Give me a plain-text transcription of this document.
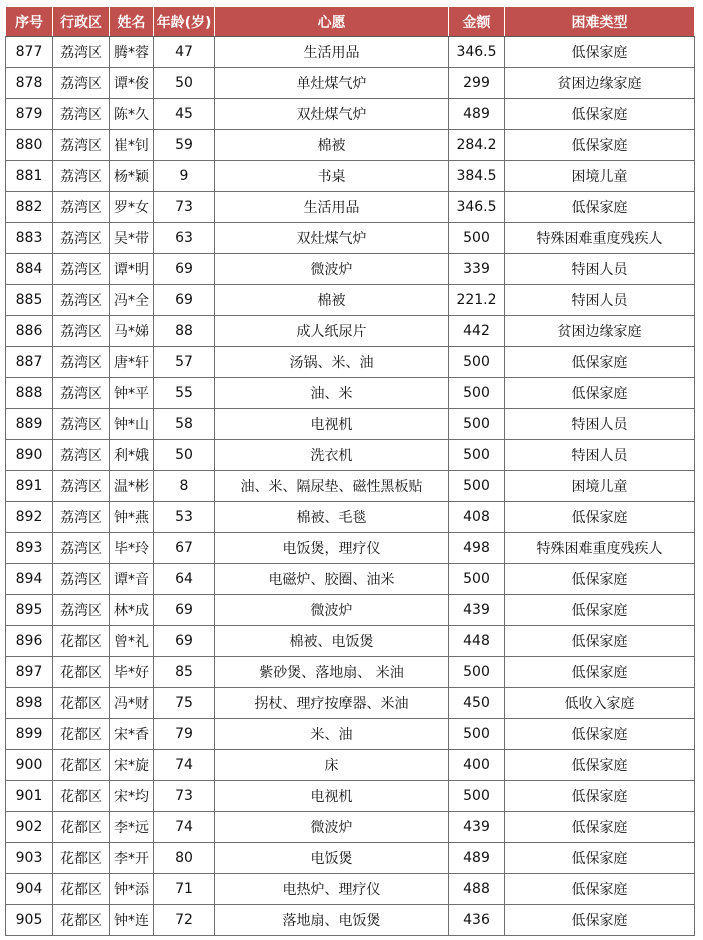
序号	行政区	姓名	年龄(岁)	心愿	金额	困难类型
877	荔湾区	腾*蓉	47	生活用品	346.5	低保家庭
878	荔湾区	谭*俊	50	单灶煤气炉	299	贫困边缘家庭
879	荔湾区	陈*久	45	双灶煤气炉	489	低保家庭
880	荔湾区	崔*钊	59	棉被	284.2	低保家庭
881	荔湾区	杨*颖	9	书桌	384.5	困境儿童
882	荔湾区	罗*女	73	生活用品	346.5	低保家庭
883	荔湾区	吴*带	63	双灶煤气炉	500	特殊困难重度残疾人
884	荔湾区	谭*明	69	微波炉	339	特困人员
885	荔湾区	冯*全	69	棉被	221.2	特困人员
886	荔湾区	马*娣	88	成人纸尿片	442	贫困边缘家庭
887	荔湾区	唐*轩	57	汤锅、米、油	500	低保家庭
888	荔湾区	钟*平	55	油、米	500	低保家庭
889	荔湾区	钟*山	58	电视机	500	特困人员
890	荔湾区	利*娥	50	洗衣机	500	特困人员
891	荔湾区	温*彬	8	油、米、隔尿垫、磁性黑板贴	500	困境儿童
892	荔湾区	钟*燕	53	棉被、毛毯	408	低保家庭
893	荔湾区	毕*玲	67	电饭煲，理疗仪	498	特殊困难重度残疾人
894	荔湾区	谭*音	64	电磁炉、胶圈、油米	500	低保家庭
895	荔湾区	林*成	69	微波炉	439	低保家庭
896	花都区	曾*礼	69	棉被、电饭煲	448	低保家庭
897	花都区	毕*好	85	紫砂煲、落地扇、 米油	500	低保家庭
898	花都区	冯*财	75	拐杖、理疗按摩器、米油	450	低收入家庭
899	花都区	宋*香	79	米、油	500	低保家庭
900	花都区	宋*旋	74	床	400	低保家庭
901	花都区	宋*均	73	电视机	500	低保家庭
902	花都区	李*远	74	微波炉	439	低保家庭
903	花都区	李*开	80	电饭煲	489	低保家庭
904	花都区	钟*添	71	电热炉、理疗仪	488	低保家庭
905	花都区	钟*连	72	落地扇、电饭煲	436	低保家庭
